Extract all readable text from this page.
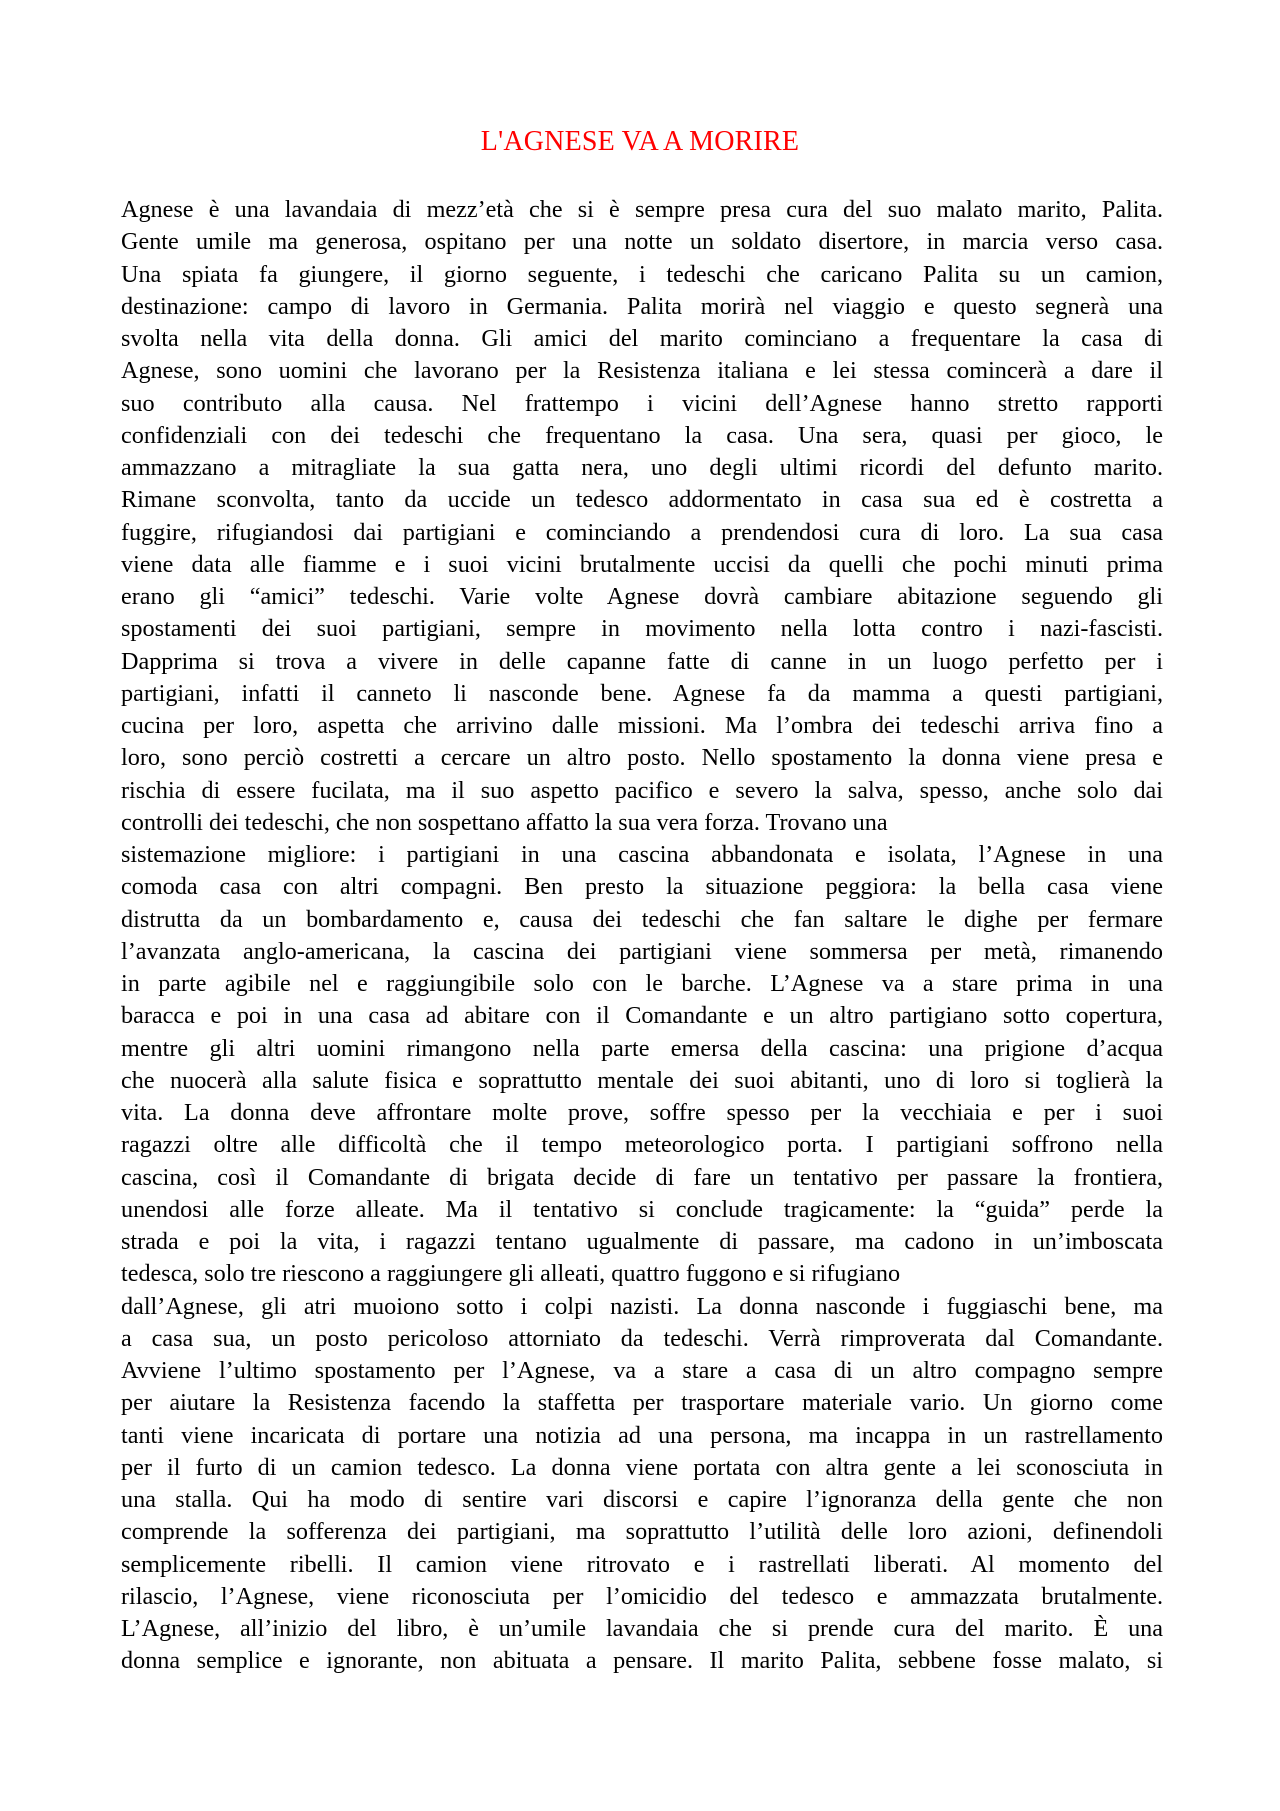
L'AGNESE VA A MORIRE
Agnese è una lavandaia di mezz’età che si è sempre presa cura del suo malato marito, Palita.
Gente umile ma generosa, ospitano per una notte un soldato disertore, in marcia verso casa.
Una spiata fa giungere, il giorno seguente, i tedeschi che caricano Palita su un camion,
destinazione: campo di lavoro in Germania. Palita morirà nel viaggio e questo segnerà una
svolta nella vita della donna. Gli amici del marito cominciano a frequentare la casa di
Agnese, sono uomini che lavorano per la Resistenza italiana e lei stessa comincerà a dare il
suo contributo alla causa. Nel frattempo i vicini dell’Agnese hanno stretto rapporti
confidenziali con dei tedeschi che frequentano la casa. Una sera, quasi per gioco, le
ammazzano a mitragliate la sua gatta nera, uno degli ultimi ricordi del defunto marito.
Rimane sconvolta, tanto da uccide un tedesco addormentato in casa sua ed è costretta a
fuggire, rifugiandosi dai partigiani e cominciando a prendendosi cura di loro. La sua casa
viene data alle fiamme e i suoi vicini brutalmente uccisi da quelli che pochi minuti prima
erano gli “amici” tedeschi. Varie volte Agnese dovrà cambiare abitazione seguendo gli
spostamenti dei suoi partigiani, sempre in movimento nella lotta contro i nazi-fascisti.
Dapprima si trova a vivere in delle capanne fatte di canne in un luogo perfetto per i
partigiani, infatti il canneto li nasconde bene. Agnese fa da mamma a questi partigiani,
cucina per loro, aspetta che arrivino dalle missioni. Ma l’ombra dei tedeschi arriva fino a
loro, sono perciò costretti a cercare un altro posto. Nello spostamento la donna viene presa e
rischia di essere fucilata, ma il suo aspetto pacifico e severo la salva, spesso, anche solo dai
controlli dei tedeschi, che non sospettano affatto la sua vera forza. Trovano una
sistemazione migliore: i partigiani in una cascina abbandonata e isolata, l’Agnese in una
comoda casa con altri compagni. Ben presto la situazione peggiora: la bella casa viene
distrutta da un bombardamento e, causa dei tedeschi che fan saltare le dighe per fermare
l’avanzata anglo-americana, la cascina dei partigiani viene sommersa per metà, rimanendo
in parte agibile nel e raggiungibile solo con le barche. L’Agnese va a stare prima in una
baracca e poi in una casa ad abitare con il Comandante e un altro partigiano sotto copertura,
mentre gli altri uomini rimangono nella parte emersa della cascina: una prigione d’acqua
che nuocerà alla salute fisica e soprattutto mentale dei suoi abitanti, uno di loro si toglierà la
vita. La donna deve affrontare molte prove, soffre spesso per la vecchiaia e per i suoi
ragazzi oltre alle difficoltà che il tempo meteorologico porta. I partigiani soffrono nella
cascina, così il Comandante di brigata decide di fare un tentativo per passare la frontiera,
unendosi alle forze alleate. Ma il tentativo si conclude tragicamente: la “guida” perde la
strada e poi la vita, i ragazzi tentano ugualmente di passare, ma cadono in un’imboscata
tedesca, solo tre riescono a raggiungere gli alleati, quattro fuggono e si rifugiano
dall’Agnese, gli atri muoiono sotto i colpi nazisti. La donna nasconde i fuggiaschi bene, ma
a casa sua, un posto pericoloso attorniato da tedeschi. Verrà rimproverata dal Comandante.
Avviene l’ultimo spostamento per l’Agnese, va a stare a casa di un altro compagno sempre
per aiutare la Resistenza facendo la staffetta per trasportare materiale vario. Un giorno come
tanti viene incaricata di portare una notizia ad una persona, ma incappa in un rastrellamento
per il furto di un camion tedesco. La donna viene portata con altra gente a lei sconosciuta in
una stalla. Qui ha modo di sentire vari discorsi e capire l’ignoranza della gente che non
comprende la sofferenza dei partigiani, ma soprattutto l’utilità delle loro azioni, definendoli
semplicemente ribelli. Il camion viene ritrovato e i rastrellati liberati. Al momento del
rilascio, l’Agnese, viene riconosciuta per l’omicidio del tedesco e ammazzata brutalmente.
L’Agnese, all’inizio del libro, è un’umile lavandaia che si prende cura del marito. È una
donna semplice e ignorante, non abituata a pensare. Il marito Palita, sebbene fosse malato, si
